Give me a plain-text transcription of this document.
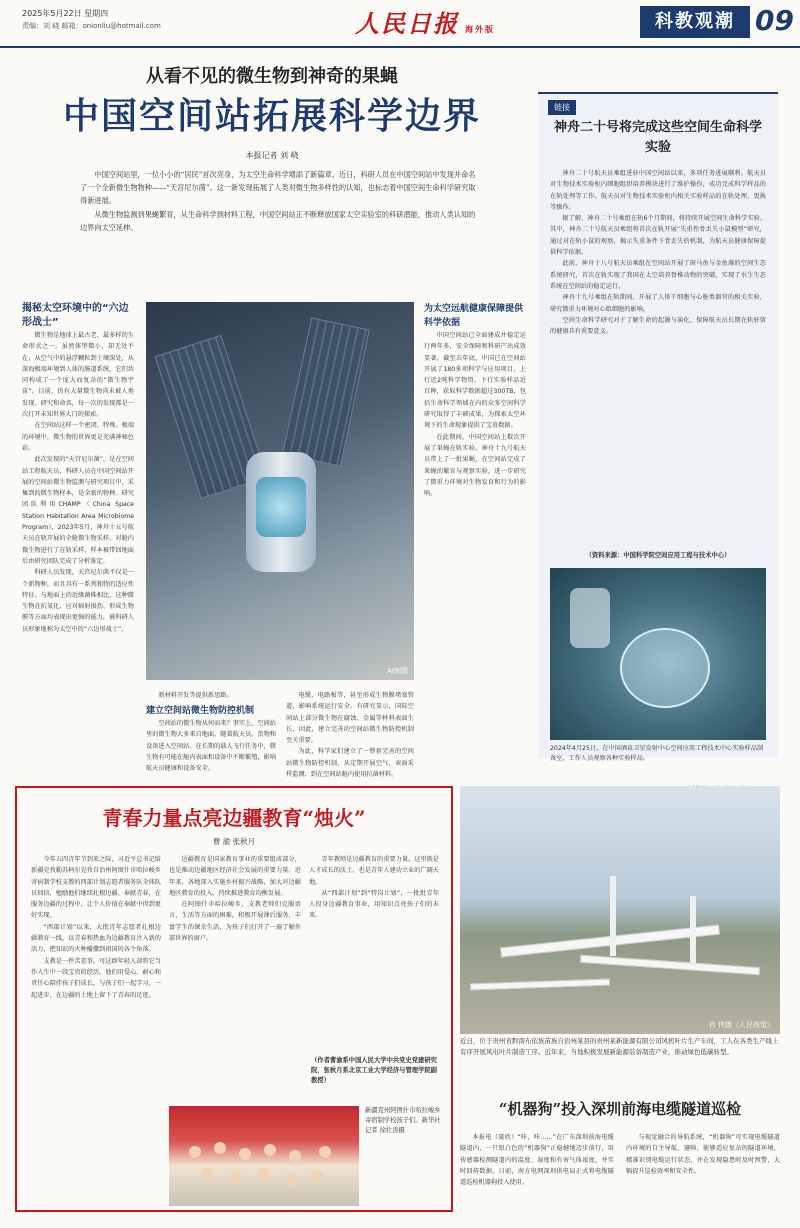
2025年5月22日 星期四
责编：刘 峣 邮箱：onionliu@hotmail.com	人民日报 海外版	科教观潮 09
从看不见的微生物到神奇的果蝇
中国空间站拓展科学边界
本报记者 刘 峣

中国空间站里，一位小小的“居民”首次亮身，为太空生命科学增添了新篇章。近日，科研人员在中国空间站中发现并命名了一个全新微生物物种——“天宫尼尔菌”。这一新发现拓展了人类对微生物多样性的认知，也标志着中国空间生命科学研究取得新进展。

从微生物监测到果蝇繁育，从生命科学到材料工程，中国空间站正不断释放国家太空实验室的科研潜能，推动人类认知的边界向太空延伸。

揭秘太空环境中的“六边形战士”

微生物是地球上最古老、最多样的生命形式之一。虽然体型微小，却无处不在，从空气中的悬浮颗粒到土壤深处，从深海极端环境到人体的肠道系统，它们共同构成了一个庞大而复杂的“微生物宇宙”。目前，仍有大量微生物尚未被人类发现、研究和命名，每一次的发现都是一次打开未知世界大门的探索。

在空间站这样一个密闭、特殊、极端的环境中，微生物的世界更是充满神秘色彩。

此次发现的“天宫尼尔菌”，是在空间站工程航天员，科研人员在中国空间站开展的空间站微生物监测与研究项目中，采集到的微生物样本，是全新的物种。研究团队利用CHAMP（China Space Station Habitation Area Microbiome Program），2023年5月，神舟十五号航天员在轨开展的全舱微生物采样，对舱内微生物进行了在轨采样，样本被带回地面后由研究团队完成了分析鉴定。

科研人员发现，天宫尼尔菌不仅是一个新物种，而且具有一系列独特的适应性特征。与地面上的近缘菌株相比，这种微生物在抗氧化、应对辐射损伤、形成生物膜等方面均表现出更强的能力，被科研人员形象地称为太空中的“六边形战士”。

AI制图

新材料开发等提供新思路。

建立空间站微生物防控机制

空间站的微生物从何而来？事实上，空间站里的微生物大多来自地面，随着航天员、货物和设备进入空间站。在长期的载人飞行任务中，微生物有可能在舱内表面和设备中不断繁殖，影响航天员健康和设备安全。

电缆、电路板等，甚至形成生物膜堵塞管道，影响系统运行安全。有研究显示，国际空间站上部分微生物在腐蚀、金属等材料表面生长，因此，建立完善的空间站微生物防控机制至关重要。

为此，科学家们建立了一整套完善的空间站微生物防控机制，从定期开展空气、表面采样监测，到在空间站舱内使用抗菌材料。

为太空远航健康保障提供科学依据

中国空间站已全面建成并稳定运行两年多，安全保障和科研产出成效显著。截至去年底，中国已在空间站开展了180多项科学与应用项目，上行近2吨科学物资，下行实验样品近百种，获取科学数据超过300TB，包括生命科学领域在内的众多空间科学研究取得了丰硕成果，为探索太空环境下的生命现象提供了宝贵数据。

在此期间，中国空间站上数次开展了果蝇在轨实验。神舟十九号航天员带上了一批果蝇，在空间站完成了果蝇的繁育与观察实验，进一步研究了微重力环境对生物发育和行为的影响。

链接
神舟二十号将完成这些空间生命科学实验

神舟二十号航天员乘组进驻中国空间站以来，多项任务进展顺利。航天员对生物技术实验柜内细胞组织培养模块进行了维护操作，成功完成科学样品的在轨处理等工作。航天员对生物技术实验柜内相关实验样品的在轨处理、更换等操作。

据了解，神舟二十号乘组在轨6个月期间，将持续开展空间生命科学实验。其中，神舟二十号航天员乘组将首次在轨开展“失重性骨丢失小鼠模型”研究，通过对在轨小鼠的观察，揭示失重条件下骨丢失的机制，为航天员健康保障提供科学依据。

此前，神舟十八号航天员乘组在空间站开展了斑马鱼与金鱼藻的空间生态系统研究，首次在轨实现了我国在太空培养脊椎动物的突破，实现了水生生态系统在空间站的稳定运行。

神舟十九号乘组在轨期间，开展了人体干细胞与心脏类器官的相关实验，研究微重力环境对心肌细胞的影响。

空间生命科学研究对于了解生命的起源与演化、保障航天员长期在轨驻留的健康具有重要意义。

（资料来源：中国科学院空间应用工程与技术中心）
2024年4月25日，在中国酒泉卫星发射中心空间应用工程技术中心实验样品制备室，工作人员观察各种实验样品。
青春力量点亮边疆教育“烛火”
曹 渝 张秋月

今年五四青年节到来之际，习近平总书记给新疆克孜勒苏柯尔克孜自治州阿图什市哈拉峻乡寄宿制学校支教的西部计划志愿者服务队全体队员回信，勉励他们继续扎根边疆、奉献青春，在服务边疆的过程中，让个人价值在奉献中得到更好实现。

“西部计划”以来，大批青年志愿者扎根边疆教育一线，以青春和热血为边疆教育注入新的活力，把知识的火种播撒到祖国的各个角落。

支教是一件苦差事，可这群年轻人却将它当作人生中一段宝贵的经历。他们用爱心、耐心和责任心陪伴孩子们成长，与孩子们一起学习、一起进步，在边疆的土地上留下了青春的足迹。

边疆教育是国家教育事业的重要组成部分，也是推动边疆地区经济社会发展的重要力量。近年来，各地深入实施乡村振兴战略，加大对边疆地区教育的投入，持续推进教育均衡发展。

在阿图什市哈拉峻乡，支教老师们克服语言、生活等方面的困难，积极开展课后服务，丰富学生的课余生活，为孩子们打开了一扇了解外部世界的窗户。

青年教师是边疆教育的重要力量。这里既是人才成长的沃土，也是青年人建功立业的广阔天地。

从“西部计划”到“特岗计划”，一批批青年人投身边疆教育事业，用知识点亮孩子们的未来。

（作者曹渝系中国人民大学中共党史党建研究院，张秋月系北京工业大学经济与管理学院副教授）
新疆克州阿图什市哈拉峻乡寄宿制学校孩子们。新华社记者 徐壮涛摄
肖 伟摄（人民视觉）
近日，位于贵州省黔南布依族苗族自治州某县的贵州某新能源有限公司风机叶片生产车间，工人在各类生产线上有序开展风电叶片制造工序。近年来，当地积极发展新能源装备制造产业，推动绿色低碳转型。
“机器狗”投入深圳前海电缆隧道巡检

本报电（聂欣）“咔，咔……”在广东深圳前海电缆隧道内，一只银白色的“机器狗”正稳健地迈步前行，用传感器检测隧道内的温度、湿度和有害气体浓度，并实时回传数据。日前，南方电网深圳供电局正式将电缆隧道巡检机器狗投入使用。

与视觉融合的导航系统，“机器狗”可实现电缆隧道内环境的自主导航、避障，能够适应复杂的隧道环境，精准识别电缆运行状态，并在发现隐患时及时预警，大幅提升巡检效率和安全性。
